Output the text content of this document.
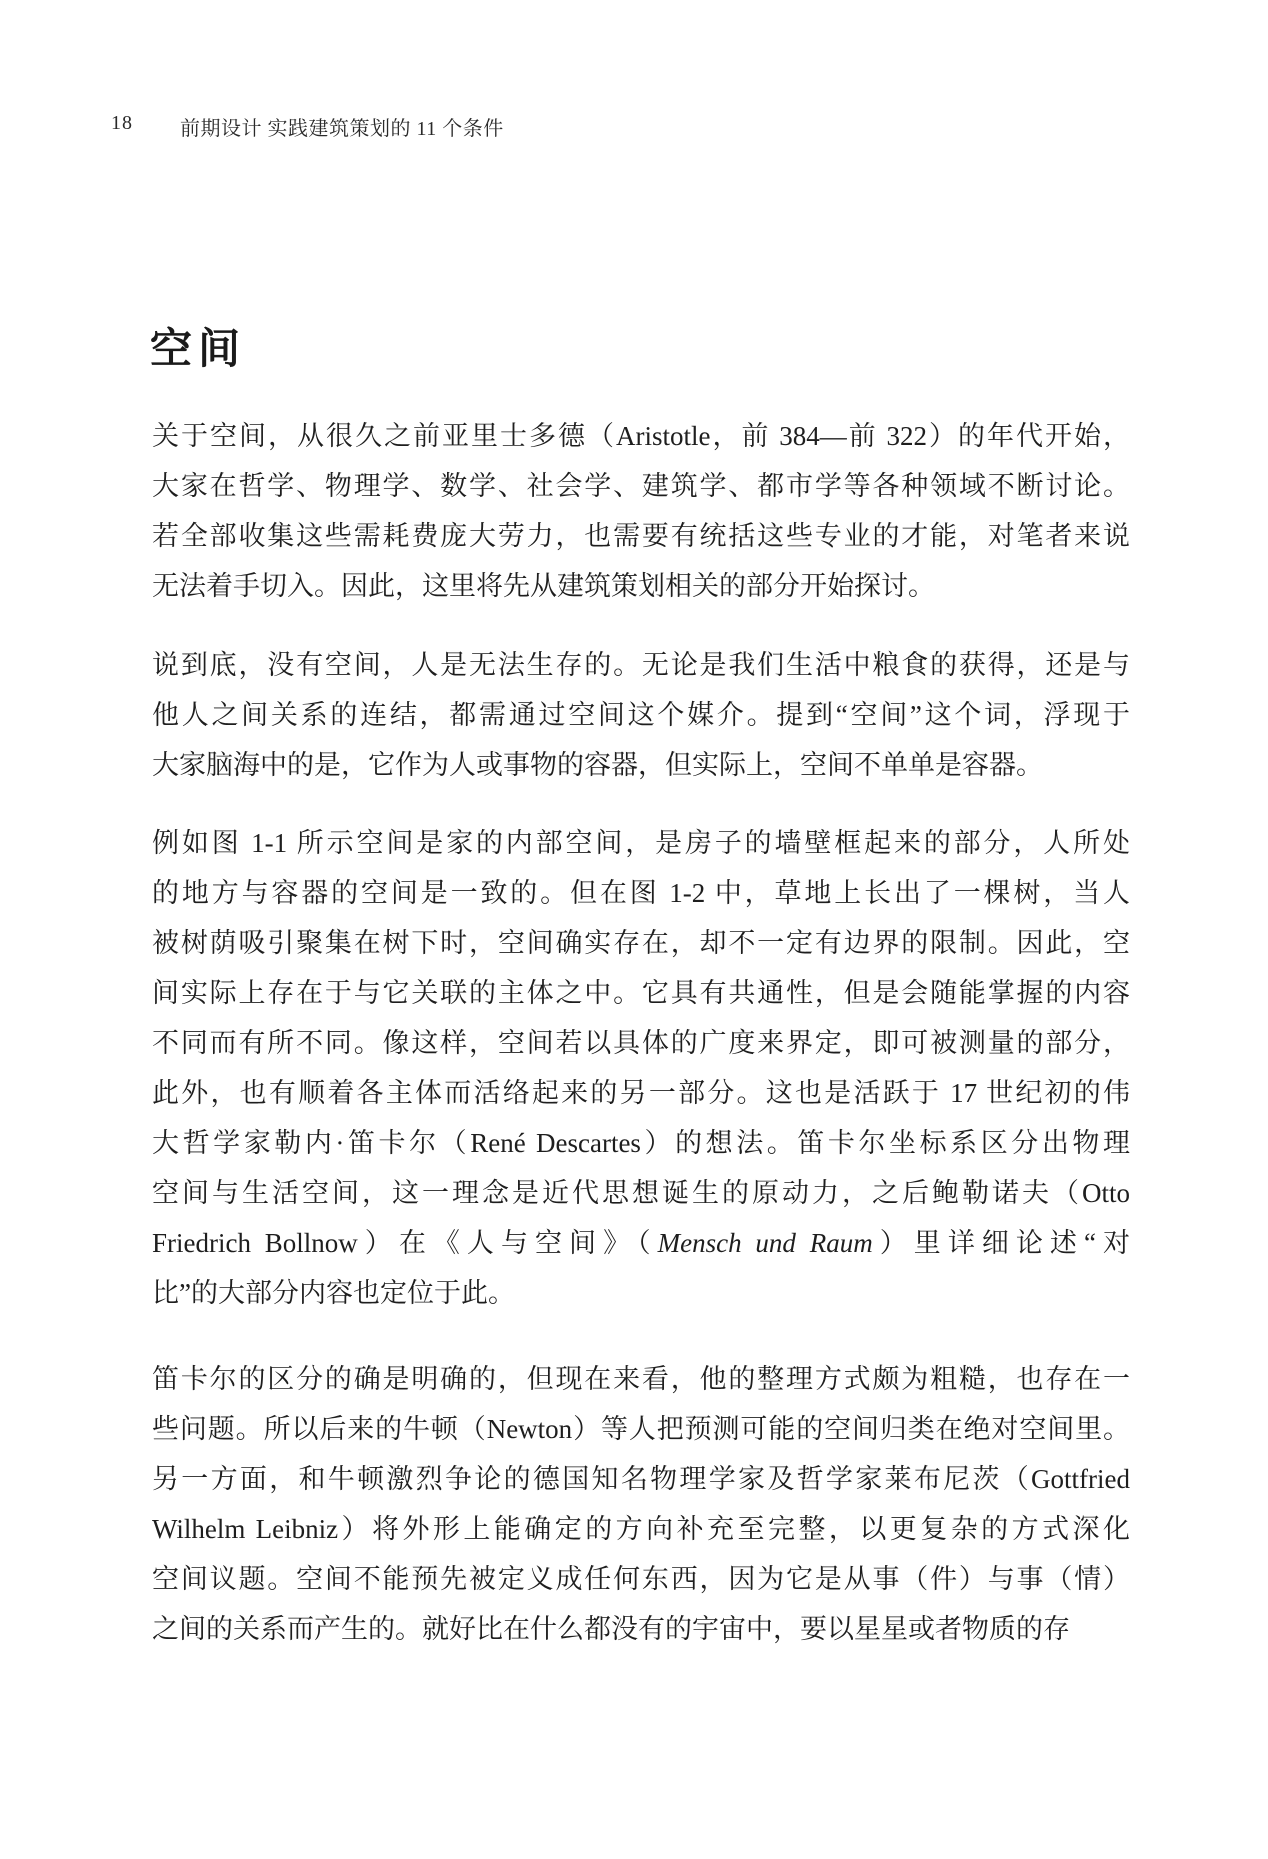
18 前期设计 实践建筑策划的 11 个条件
空间
关于空间，从很久之前亚里士多德（Aristotle，前 384—前 322）的年代开始，
大家在哲学、物理学、数学、社会学、建筑学、都市学等各种领域不断讨论。
若全部收集这些需耗费庞大劳力，也需要有统括这些专业的才能，对笔者来说
无法着手切入。因此，这里将先从建筑策划相关的部分开始探讨。
说到底，没有空间，人是无法生存的。无论是我们生活中粮食的获得，还是与
他人之间关系的连结，都需通过空间这个媒介。提到“空间”这个词，浮现于
大家脑海中的是，它作为人或事物的容器，但实际上，空间不单单是容器。
例如图 1-1 所示空间是家的内部空间，是房子的墙壁框起来的部分，人所处
的地方与容器的空间是一致的。但在图 1-2 中，草地上长出了一棵树，当人
被树荫吸引聚集在树下时，空间确实存在，却不一定有边界的限制。因此，空
间实际上存在于与它关联的主体之中。它具有共通性，但是会随能掌握的内容
不同而有所不同。像这样，空间若以具体的广度来界定，即可被测量的部分，
此外，也有顺着各主体而活络起来的另一部分。这也是活跃于 17 世纪初的伟
大哲学家勒内·笛卡尔（René Descartes）的想法。笛卡尔坐标系区分出物理
空间与生活空间，这一理念是近代思想诞生的原动力，之后鲍勒诺夫（Otto
Friedrich Bollnow）在《人与空间》（Mensch und Raum）里详细论述“对
比”的大部分内容也定位于此。
笛卡尔的区分的确是明确的，但现在来看，他的整理方式颇为粗糙，也存在一
些问题。所以后来的牛顿（Newton）等人把预测可能的空间归类在绝对空间里。
另一方面，和牛顿激烈争论的德国知名物理学家及哲学家莱布尼茨（Gottfried
Wilhelm Leibniz）将外形上能确定的方向补充至完整，以更复杂的方式深化
空间议题。空间不能预先被定义成任何东西，因为它是从事（件）与事（情）
之间的关系而产生的。就好比在什么都没有的宇宙中，要以星星或者物质的存
